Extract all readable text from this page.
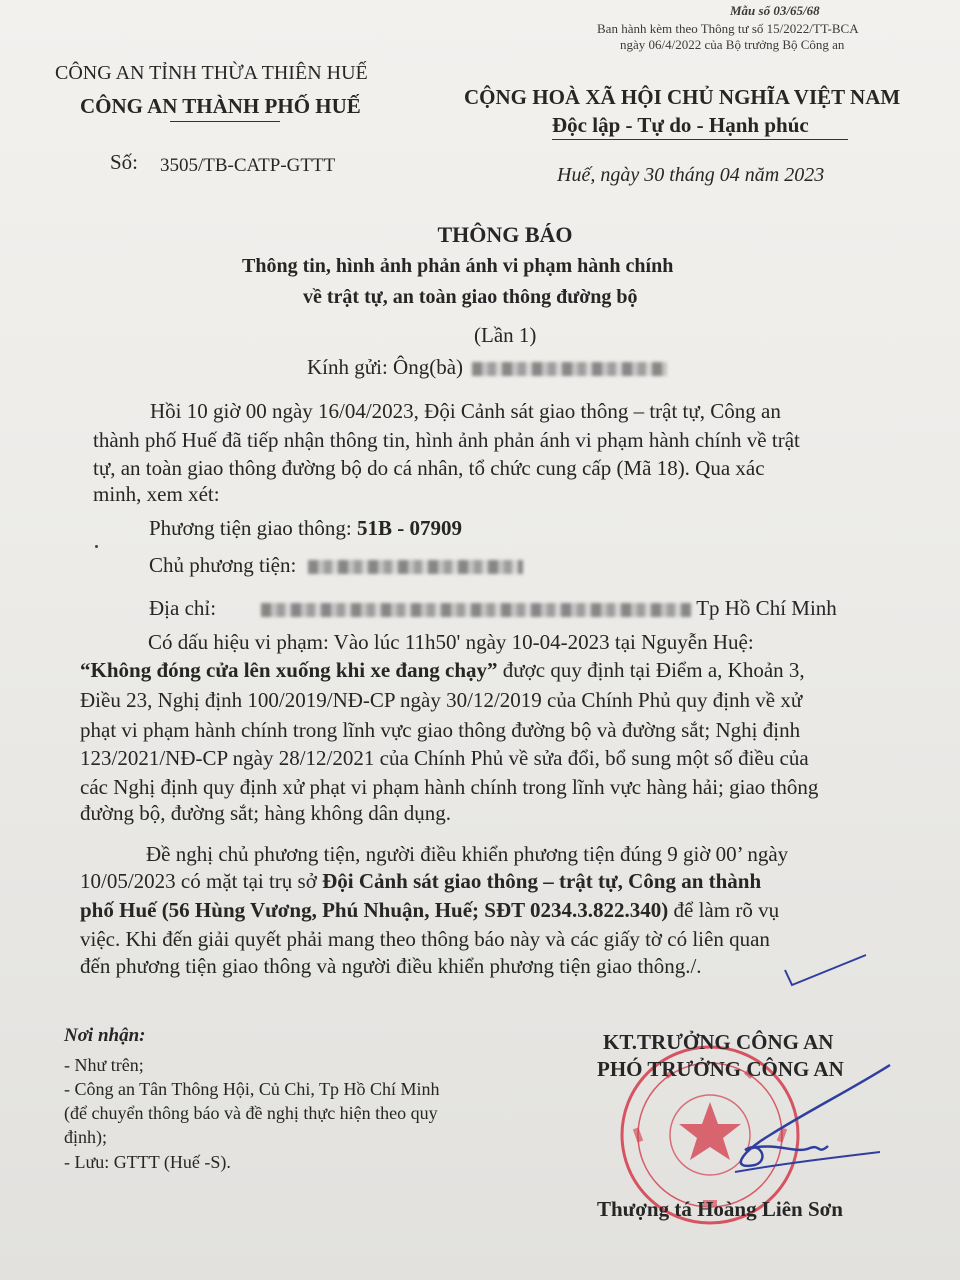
Mẫu số 03/65/68
Ban hành kèm theo Thông tư số 15/2022/TT-BCA
ngày 06/4/2022 của Bộ trưởng Bộ Công an
CÔNG AN TỈNH THỪA THIÊN HUẾ
CÔNG AN THÀNH PHỐ HUẾ
Số: 3505/TB-CATP-GTTT
CỘNG HOÀ XÃ HỘI CHỦ NGHĨA VIỆT NAM
Độc lập - Tự do - Hạnh phúc
Huế, ngày 30 tháng 04 năm 2023
THÔNG BÁO
Thông tin, hình ảnh phản ánh vi phạm hành chính
về trật tự, an toàn giao thông đường bộ
(Lần 1)
Kính gửi: Ông(bà)
Hồi 10 giờ 00 ngày 16/04/2023, Đội Cảnh sát giao thông – trật tự, Công an
thành phố Huế đã tiếp nhận thông tin, hình ảnh phản ánh vi phạm hành chính về trật
tự, an toàn giao thông đường bộ do cá nhân, tổ chức cung cấp (Mã 18). Qua xác
minh, xem xét:
Phương tiện giao thông: 51B - 07909
Chủ phương tiện:
Địa chỉ:	Tp Hồ Chí Minh
Có dấu hiệu vi phạm: Vào lúc 11h50' ngày 10-04-2023 tại Nguyễn Huệ:
“Không đóng cửa lên xuống khi xe đang chạy” được quy định tại Điểm a, Khoản 3,
Điều 23, Nghị định 100/2019/NĐ-CP ngày 30/12/2019 của Chính Phủ quy định về xử
phạt vi phạm hành chính trong lĩnh vực giao thông đường bộ và đường sắt; Nghị định
123/2021/NĐ-CP ngày 28/12/2021 của Chính Phủ về sửa đổi, bổ sung một số điều của
các Nghị định quy định xử phạt vi phạm hành chính trong lĩnh vực hàng hải; giao thông
đường bộ, đường sắt; hàng không dân dụng.
Đề nghị chủ phương tiện, người điều khiển phương tiện đúng 9 giờ 00’ ngày
10/05/2023 có mặt tại trụ sở Đội Cảnh sát giao thông – trật tự, Công an thành
phố Huế (56 Hùng Vương, Phú Nhuận, Huế; SĐT 0234.3.822.340) để làm rõ vụ
việc. Khi đến giải quyết phải mang theo thông báo này và các giấy tờ có liên quan
đến phương tiện giao thông và người điều khiển phương tiện giao thông./.
Nơi nhận:
- Như trên;
- Công an Tân Thông Hội, Củ Chi, Tp Hồ Chí Minh
(để chuyển thông báo và đề nghị thực hiện theo quy
định);
- Lưu: GTTT (Huế -S).
KT.TRƯỞNG CÔNG AN
PHÓ TRƯỞNG CÔNG AN
Thượng tá Hoàng Liên Sơn
